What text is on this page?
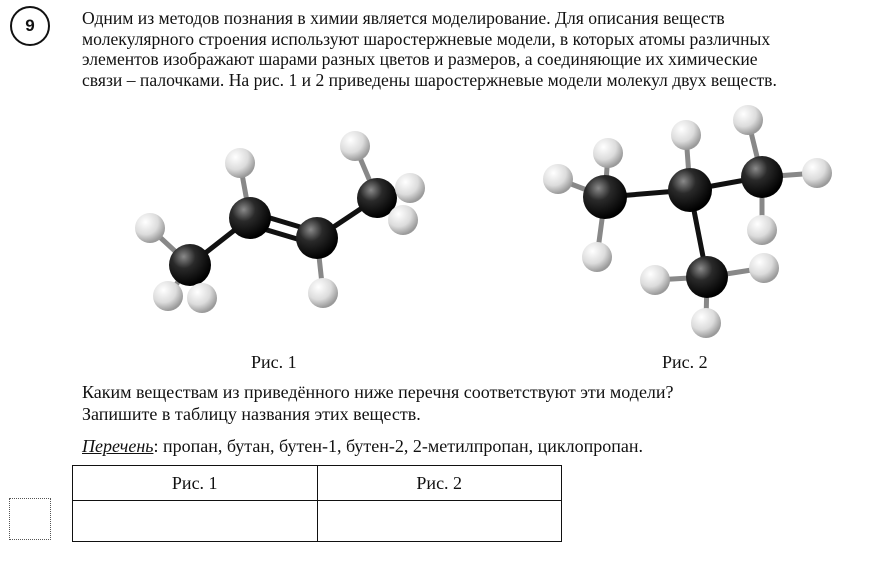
9	Одним из методов познания в химии является моделирование. Для описания веществ
молекулярного строения используют шаростержневые модели, в которых атомы различных
элементов изображают шарами разных цветов и размеров, а соединяющие их химические
связи – палочками. На рис. 1 и 2 приведены шаростержневые модели молекул двух веществ.

Рис. 1	Рис. 2

Каким веществам из приведённого ниже перечня соответствуют эти модели?
Запишите в таблицу названия этих веществ.

Перечень: пропан, бутан, бутен-1, бутен-2, 2-метилпропан, циклопропан.

Рис. 1	Рис. 2
